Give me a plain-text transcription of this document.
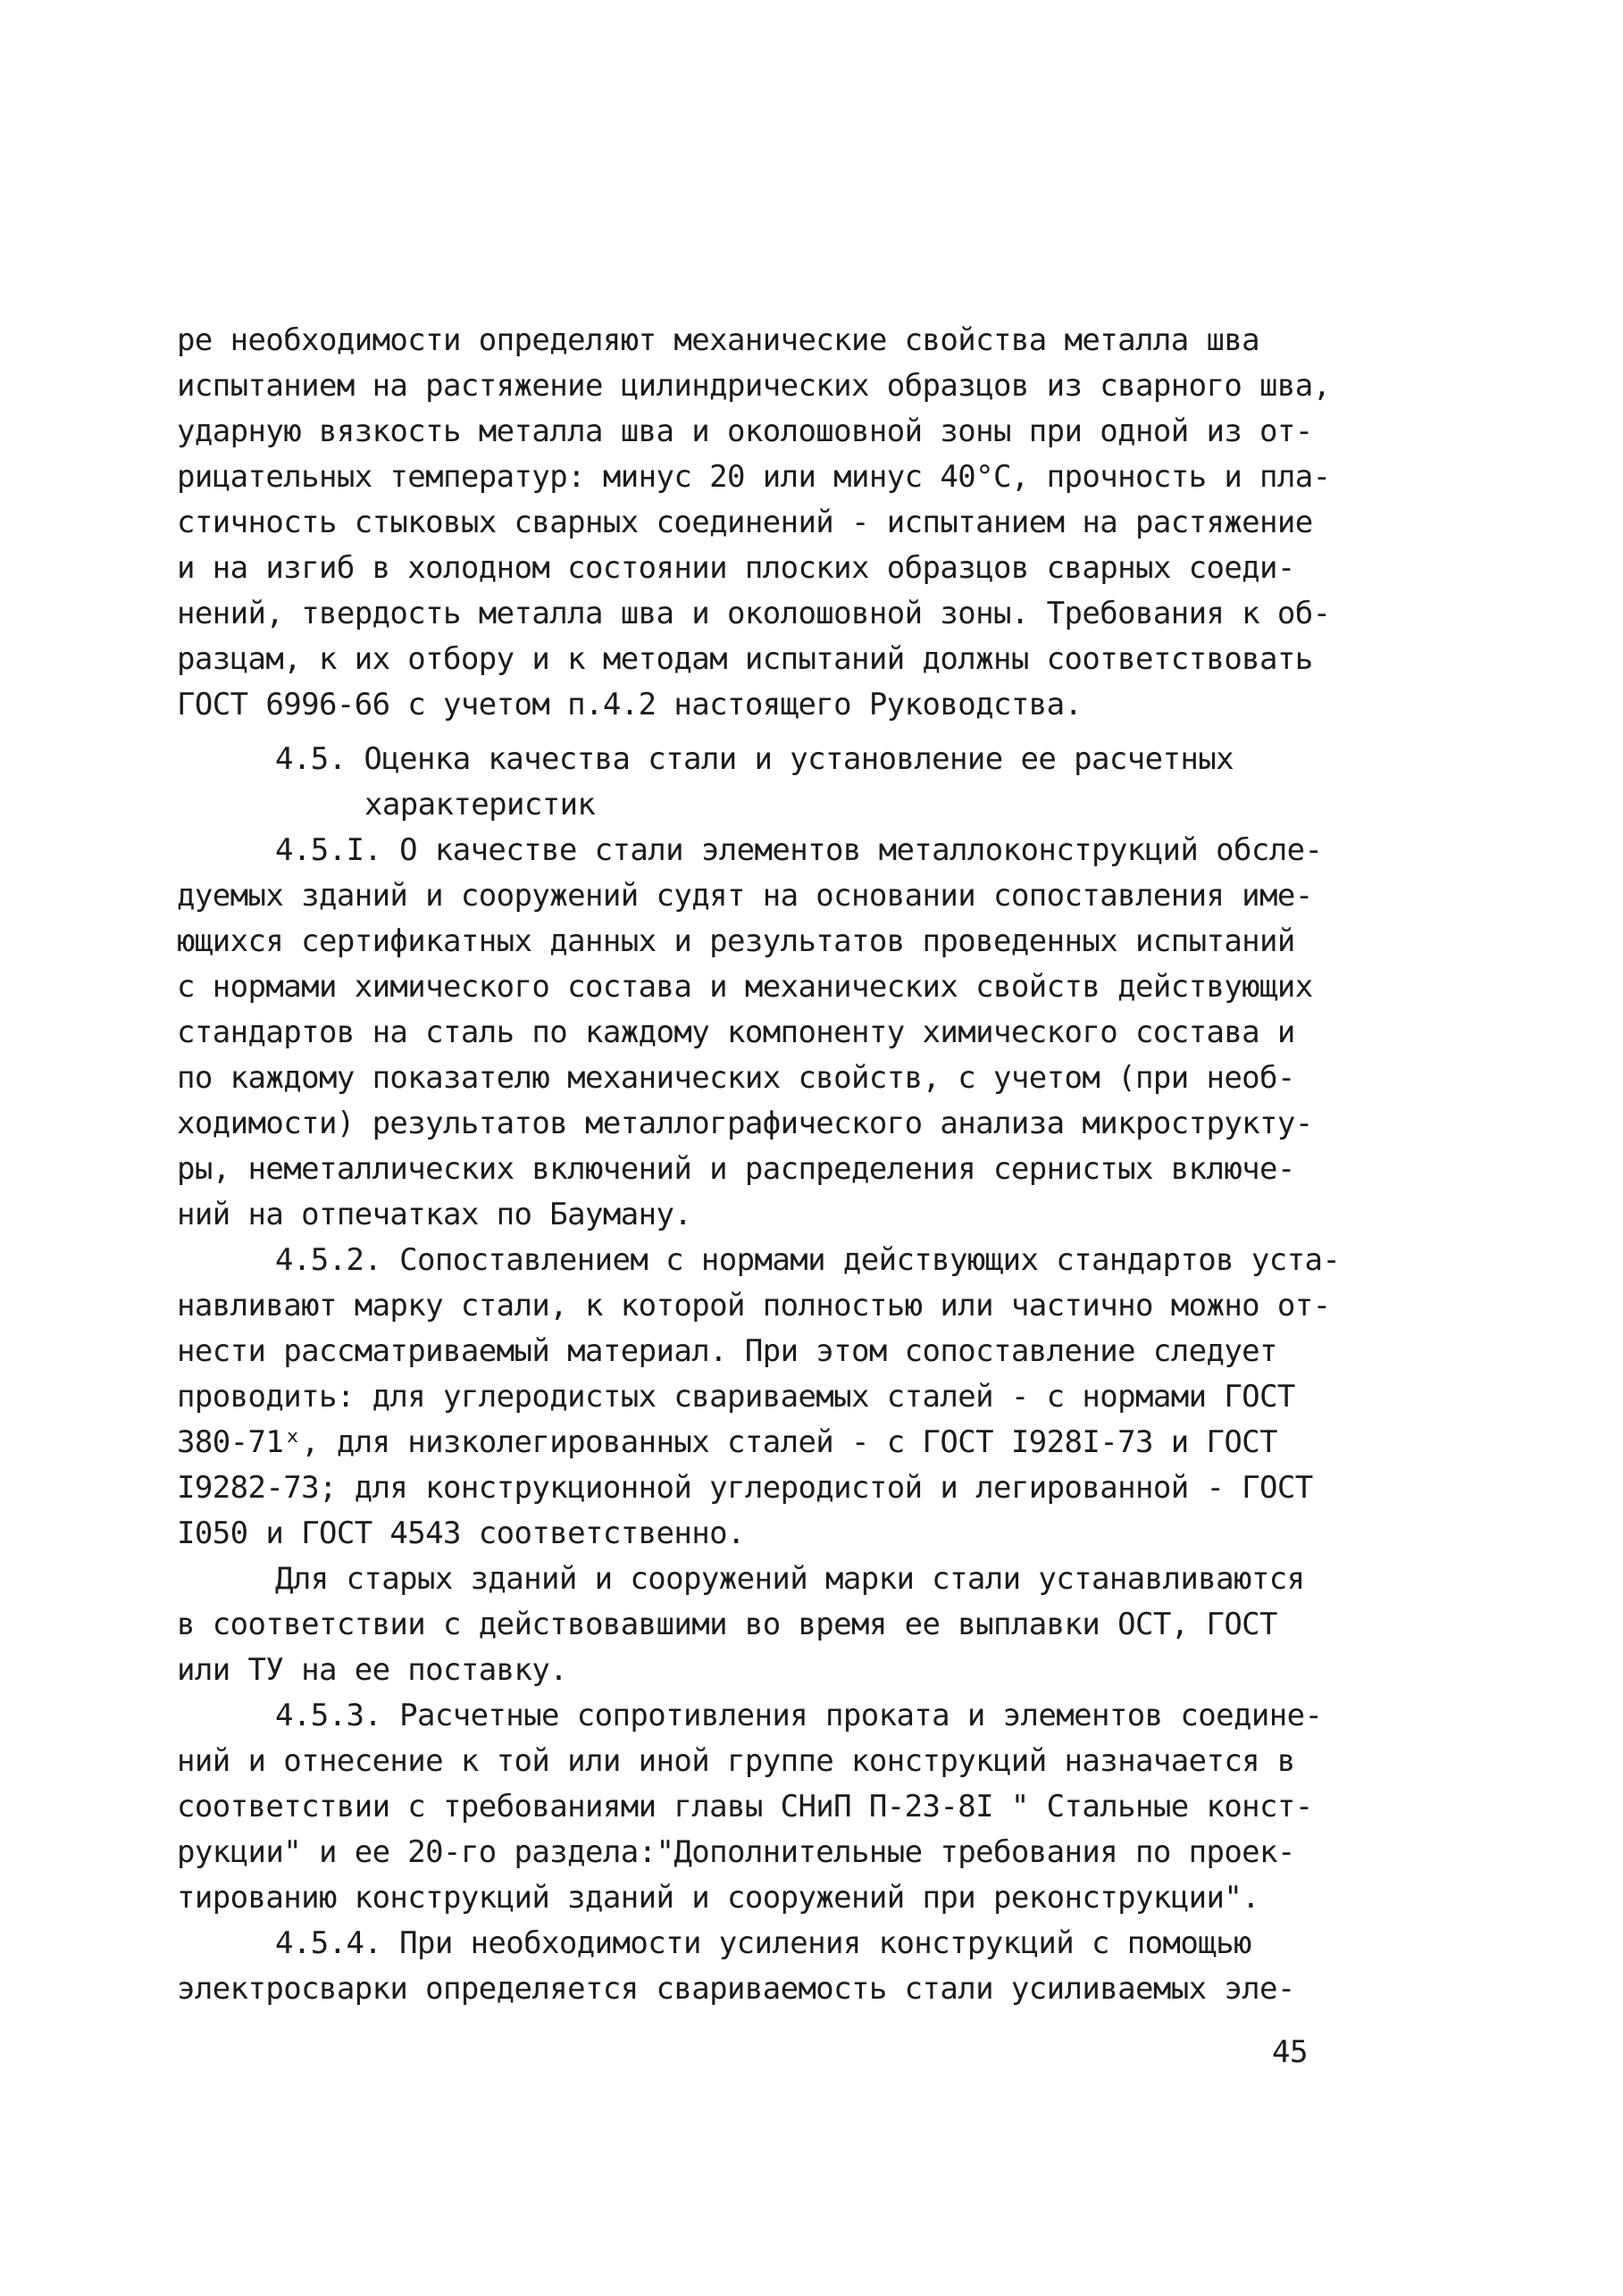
ре необходимости определяют механические свойства металла шва
испытанием на растяжение цилиндрических образцов из сварного шва,
ударную вязкость металла шва и околошовной зоны при одной из от-
рицательных температур: минус 20 или минус 40°С, прочность и пла-
стичность стыковых сварных соединений - испытанием на растяжение
и на изгиб в холодном состоянии плоских образцов сварных соеди-
нений, твердость металла шва и околошовной зоны. Требования к об-
разцам, к их отбору и к методам испытаний должны соответствовать
ГОСТ 6996-66 с учетом п.4.2 настоящего Руководства.
4.5. Оценка качества стали и установление ее расчетных
характеристик
4.5.I. О качестве стали элементов металлоконструкций обсле-
дуемых зданий и сооружений судят на основании сопоставления име-
ющихся сертификатных данных и результатов проведенных испытаний
с нормами химического состава и механических свойств действующих
стандартов на сталь по каждому компоненту химического состава и
по каждому показателю механических свойств, с учетом (при необ-
ходимости) результатов металлографического анализа микрострукту-
ры, неметаллических включений и распределения сернистых включе-
ний на отпечатках по Бауману.
4.5.2. Сопоставлением с нормами действующих стандартов уста-
навливают марку стали, к которой полностью или частично можно от-
нести рассматриваемый материал. При этом сопоставление следует
проводить: для углеродистых свариваемых сталей - с нормами ГОСТ
380-71ˣ, для низколегированных сталей - с ГОСТ I928I-73 и ГОСТ
I9282-73; для конструкционной углеродистой и легированной - ГОСТ
I050 и ГОСТ 4543 соответственно.
Для старых зданий и сооружений марки стали устанавливаются
в соответствии с действовавшими во время ее выплавки ОСТ, ГОСТ
или ТУ на ее поставку.
4.5.3. Расчетные сопротивления проката и элементов соедине-
ний и отнесение к той или иной группе конструкций назначается в
соответствии с требованиями главы СНиП П-23-8I " Стальные конст-
рукции" и ее 20-го раздела:"Дополнительные требования по проек-
тированию конструкций зданий и сооружений при реконструкции".
4.5.4. При необходимости усиления конструкций с помощью
электросварки определяется свариваемость стали усиливаемых эле-
45
